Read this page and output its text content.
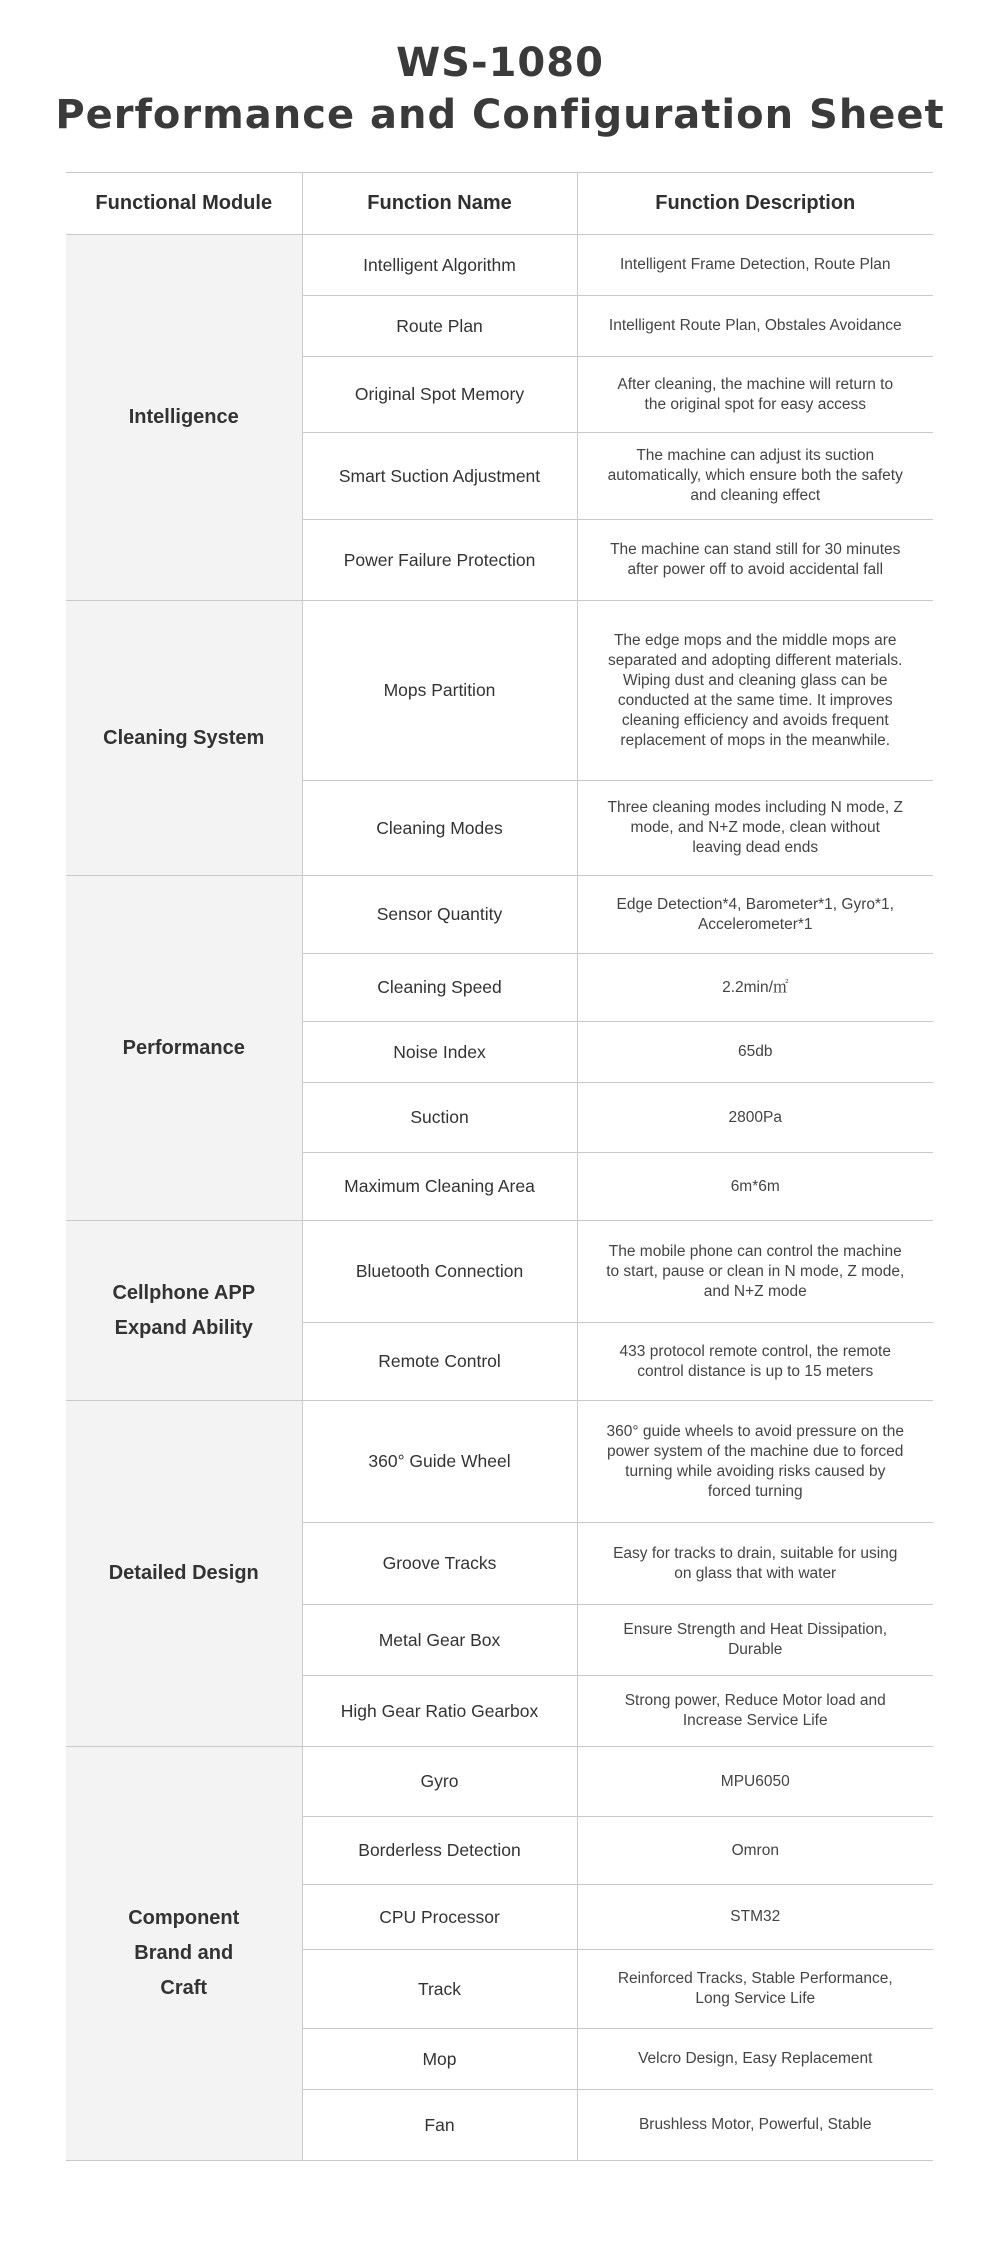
WS-1080
Performance and Configuration Sheet
Functional Module	Function Name	Function Description
Intelligence	Intelligent Algorithm	Intelligent Frame Detection, Route Plan

	Route Plan	Intelligent Route Plan, Obstales Avoidance

	Original Spot Memory	After cleaning, the machine will return to the original spot for easy access

	Smart Suction Adjustment	The machine can adjust its suction automatically, which ensure both the safety and cleaning effect

	Power Failure Protection	The machine can stand still for 30 minutes after power off to avoid accidental fall

Cleaning System	Mops Partition	The edge mops and the middle mops are separated and adopting different materials. Wiping dust and cleaning glass can be conducted at the same time. It improves cleaning efficiency and avoids frequent replacement of mops in the meanwhile.

	Cleaning Modes	Three cleaning modes including N mode, Z mode, and N+Z mode, clean without leaving dead ends

Performance	Sensor Quantity	Edge Detection*4, Barometer*1, Gyro*1, Accelerometer*1

	Cleaning Speed	2.2min/㎡

	Noise Index	65db

	Suction	2800Pa

	Maximum Cleaning Area	6m*6m

Cellphone APP Expand Ability	Bluetooth Connection	The mobile phone can control the machine to start, pause or clean in N mode, Z mode, and N+Z mode

	Remote Control	433 protocol remote control, the remote control distance is up to 15 meters

Detailed Design	360° Guide Wheel	360° guide wheels to avoid pressure on the power system of the machine due to forced turning while avoiding risks caused by forced turning

	Groove Tracks	Easy for tracks to drain, suitable for using on glass that with water

	Metal Gear Box	Ensure Strength and Heat Dissipation, Durable

	High Gear Ratio Gearbox	Strong power, Reduce Motor load and Increase Service Life

Component Brand and Craft	Gyro	MPU6050

	Borderless Detection	Omron

	CPU Processor	STM32

	Track	Reinforced Tracks, Stable Performance, Long Service Life

	Mop	Velcro Design, Easy Replacement

	Fan	Brushless Motor, Powerful, Stable
